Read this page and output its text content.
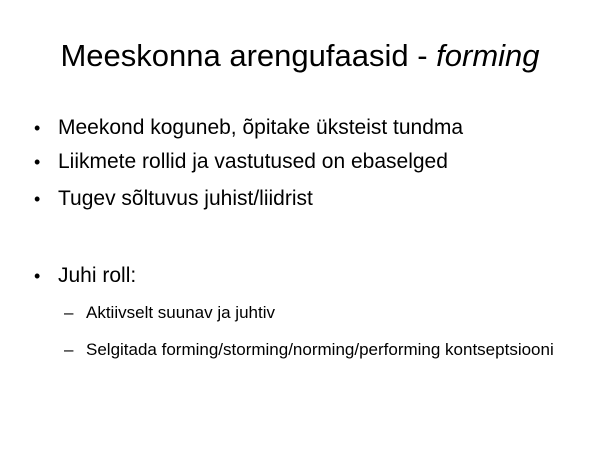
Meeskonna arengufaasid - forming
• Meekond koguneb, õpitake üksteist tundma
• Liikmete rollid ja vastutused on ebaselged
• Tugev sõltuvus juhist/liidrist
• Juhi roll:
– Aktiivselt suunav ja juhtiv
– Selgitada forming/storming/norming/performing kontseptsiooni
